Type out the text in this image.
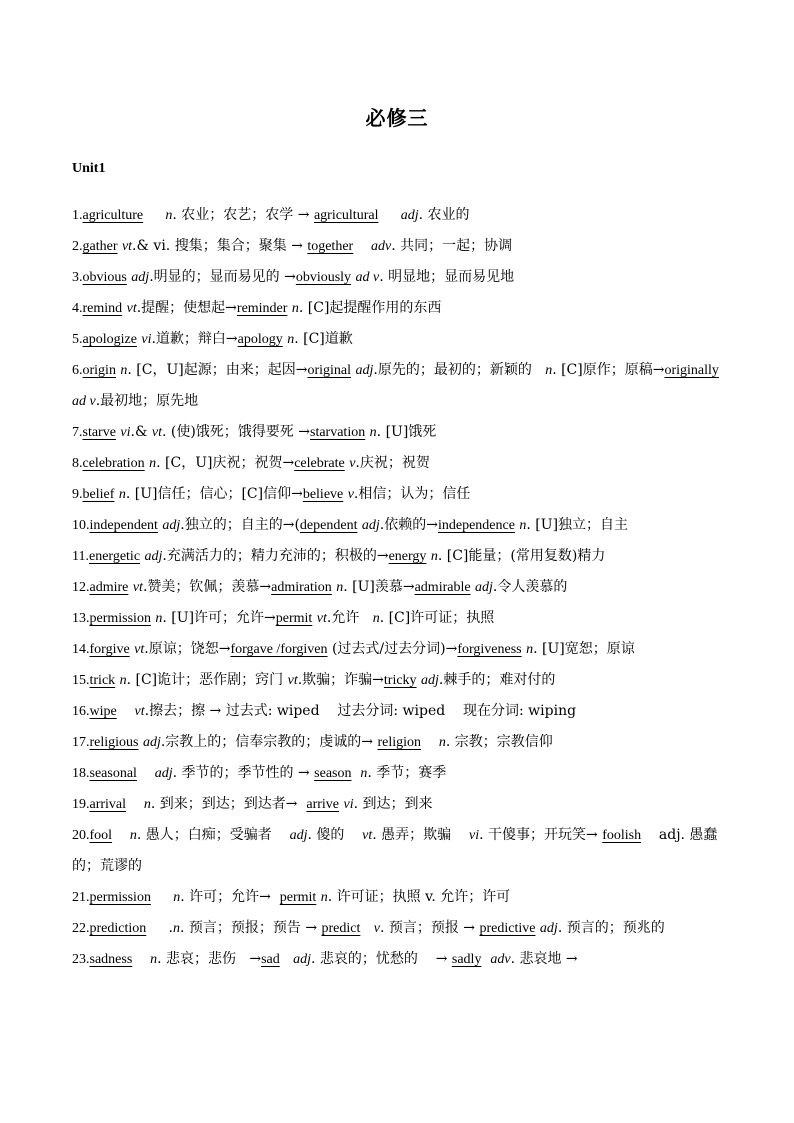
必修三
Unit1

1.agriculture n. 农业；农艺；农学 → agricultural adj. 农业的

2.gather vt.& vi. 搜集；集合；聚集 → together adv. 共同；一起；协调

3.obvious adj.明显的；显而易见的 →obviously ad v. 明显地；显而易见地

4.remind vt.提醒；使想起→reminder n. [C]起提醒作用的东西

5.apologize vi.道歉；辩白→apology n. [C]道歉

6.origin n. [C，U]起源；由来；起因→original adj.原先的；最初的；新颖的   n. [C]原作；原稿→originally ad v.最初地；原先地

7.starve vi.& vt. (使)饿死；饿得要死 →starvation n. [U]饿死

8.celebration n. [C，U]庆祝；祝贺→celebrate v.庆祝；祝贺

9.belief n. [U]信任；信心；[C]信仰→believe v.相信；认为；信任

10.independent adj.独立的；自主的→(dependent adj.依赖的→independence n. [U]独立；自主

11.energetic adj.充满活力的；精力充沛的；积极的→energy n. [C]能量；(常用复数)精力

12.admire vt.赞美；钦佩；羡慕→admiration n. [U]羡慕→admirable adj.令人羡慕的

13.permission n. [U]许可；允许→permit vt.允许   n. [C]许可证；执照

14.forgive vt.原谅；饶恕→forgave /forgiven (过去式/过去分词)→forgiveness n. [U]宽恕；原谅

15.trick n. [C]诡计；恶作剧；窍门 vt.欺骗；诈骗→tricky adj.棘手的；难对付的

16.wipe vt.擦去；擦 → 过去式: wiped    过去分词: wiped    现在分词: wiping

17.religious adj.宗教上的；信奉宗教的；虔诚的→ religion n. 宗教；宗教信仰

18.seasonal adj. 季节的；季节性的 → season n. 季节；赛季

19.arrival n. 到来；到达；到达者→  arrive vi. 到达；到来

20.fool n. 愚人；白痴；受骗者    adj. 傻的    vt. 愚弄；欺骗    vi. 干傻事；开玩笑→ foolish    adj. 愚蠢的；荒谬的

21.permission n. 许可；允许→  permit n. 许可证；执照 v. 允许；许可

22.prediction     .n. 预言；预报；预告 → predict v. 预言；预报 → predictive adj. 预言的；预兆的

23.sadness n. 悲哀；悲伤   →sad adj. 悲哀的；忧愁的    → sadly adv. 悲哀地 →
